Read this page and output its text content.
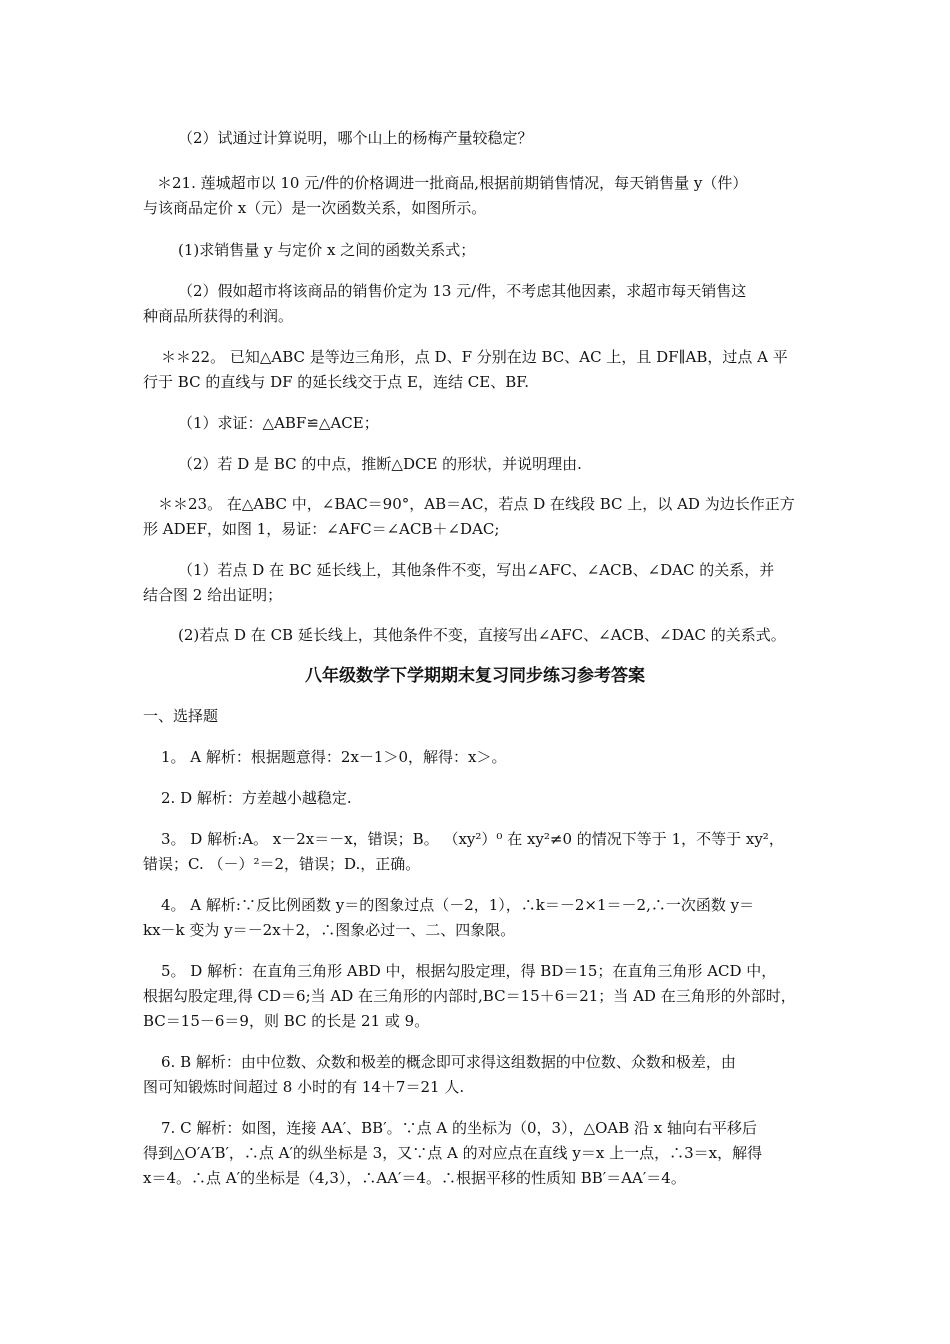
（2）试通过计算说明，哪个山上的杨梅产量较稳定？
＊21. 莲城超市以 10 元/件的价格调进一批商品,根据前期销售情况，每天销售量 y（件）
与该商品定价 x（元）是一次函数关系，如图所示。
(1)求销售量 y 与定价 x 之间的函数关系式；
（2）假如超市将该商品的销售价定为 13 元/件，不考虑其他因素，求超市每天销售这
种商品所获得的利润。
＊＊22。 已知△ABC 是等边三角形，点 D、F 分别在边 BC、AC 上，且 DF∥AB，过点 A 平
行于 BC 的直线与 DF 的延长线交于点 E，连结 CE、BF.
（1）求证：△ABF≌△ACE；
（2）若 D 是 BC 的中点，推断△DCE 的形状，并说明理由.
＊＊23。 在△ABC 中，∠BAC＝90°，AB＝AC，若点 D 在线段 BC 上，以 AD 为边长作正方
形 ADEF，如图 1，易证：∠AFC＝∠ACB＋∠DAC;
（1）若点 D 在 BC 延长线上，其他条件不变，写出∠AFC、∠ACB、∠DAC 的关系，并
结合图 2 给出证明；
(2)若点 D 在 CB 延长线上，其他条件不变，直接写出∠AFC、∠ACB、∠DAC 的关系式。
八年级数学下学期期末复习同步练习参考答案
一、选择题
1。 A 解析：根据题意得：2x－1＞0，解得：x＞。
2. D 解析：方差越小越稳定.
3。 D 解析:A。 x－2x＝－x，错误；B。 （xy²）⁰ 在 xy²≠0 的情况下等于 1，不等于 xy²，
错误；C. （－）²＝2，错误；D.，正确。
4。 A 解析:∵反比例函数 y＝的图象过点（－2，1），∴k＝－2×1＝－2,∴一次函数 y＝
kx－k 变为 y＝－2x＋2，∴图象必过一、二、四象限。
5。 D 解析：在直角三角形 ABD 中，根据勾股定理，得 BD＝15；在直角三角形 ACD 中，
根据勾股定理,得 CD＝6;当 AD 在三角形的内部时,BC＝15＋6＝21；当 AD 在三角形的外部时，
BC＝15－6＝9，则 BC 的长是 21 或 9。
6. B 解析：由中位数、众数和极差的概念即可求得这组数据的中位数、众数和极差，由
图可知锻炼时间超过 8 小时的有 14＋7＝21 人.
7. C 解析：如图，连接 AA′、BB′。∵点 A 的坐标为（0，3），△OAB 沿 x 轴向右平移后
得到△O′A′B′，∴点 A′的纵坐标是 3，又∵点 A 的对应点在直线 y＝x 上一点，∴3＝x，解得
x＝4。∴点 A′的坐标是（4,3），∴AA′＝4。∴根据平移的性质知 BB′＝AA′＝4。
